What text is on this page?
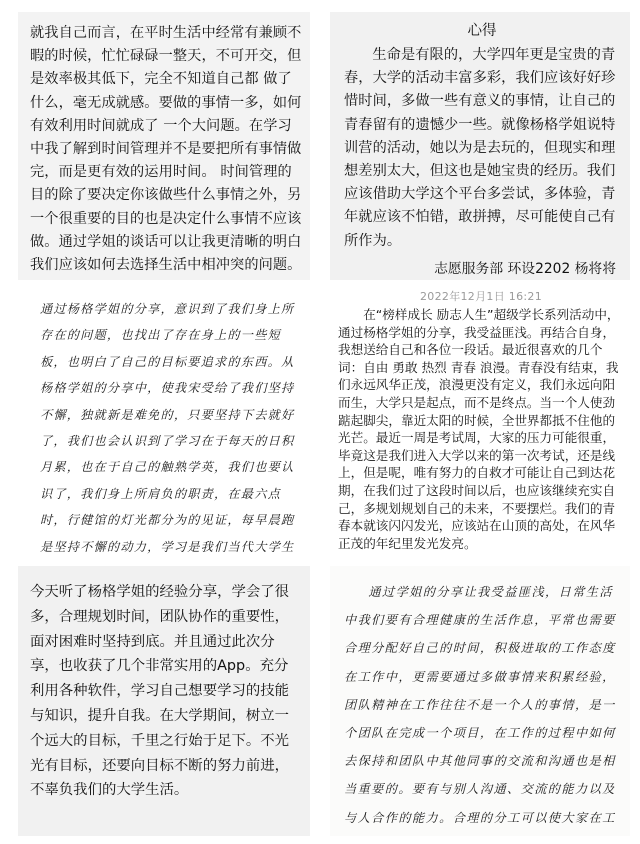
就我自己而言，在平时生活中经常有兼顾不暇的时候，忙忙碌碌一整天，不可开交，但是效率极其低下，完全不知道自己都 做了什么，毫无成就感。要做的事情一多，如何有效利用时间就成了 一个大问题。在学习中我了解到时间管理并不是要把所有事情做完，而是更有效的运用时间。 时间管理的目的除了要决定你该做些什么事情之外，另一个很重要的目的也是决定什么事情不应该做。通过学姐的谈话可以让我更清晰的明白我们应该如何去选择生活中相冲突的问题。

心得

生命是有限的，大学四年更是宝贵的青春，大学的活动丰富多彩，我们应该好好珍惜时间，多做一些有意义的事情，让自己的青春留有的遗憾少一些。就像杨格学姐说特训营的活动，她以为是去玩的，但现实和理想差别太大，但这也是她宝贵的经历。我们应该借助大学这个平台多尝试，多体验，青年就应该不怕错，敢拼搏，尽可能使自己有所作为。

志愿服务部 环设2202 杨将将

通过杨格学姐的分享，意识到了我们身上所存在的问题，也找出了存在身上的一些短板，也明白了自己的目标要追求的东西。从杨格学姐的分享中，使我宋受给了我们坚持不懈，独就新是难免的，只要坚持下去就好了，我们也会认识到了学习在于每天的日积月累，也在于自己的触熟学英，我们也要认识了，我们身上所肩负的职责，在最六点时，行健馆的灯光都分为的见证，每早晨跑是坚持不懈的动力，学习是我们当代大学生

2022年12月1日 16:21

在“榜样成长 励志人生”超级学长系列活动中，通过杨格学姐的分享，我受益匪浅。再结合自身，我想送给自己和各位一段话。最近很喜欢的几个词：自由 勇敢 热烈 青春 浪漫。青春没有结束，我们永远风华正茂，浪漫更没有定义，我们永远向阳而生，大学只是起点，而不是终点。当一个人使劲踮起脚尖，靠近太阳的时候，全世界都抵不住他的光芒。最近一周是考试周，大家的压力可能很重，毕竟这是我们进入大学以来的第一次考试，还是线上，但是呢，唯有努力的自救才可能让自己到达花期，在我们过了这段时间以后，也应该继续充实自己，多规划规划自己的未来，不要摆烂。我们的青春本就该闪闪发光，应该站在山顶的高处，在风华正茂的年纪里发光发亮。

今天听了杨格学姐的经验分享，学会了很多，合理规划时间，团队协作的重要性，面对困难时坚持到底。并且通过此次分享，也收获了几个非常实用的App。充分利用各种软件，学习自己想要学习的技能与知识，提升自我。在大学期间，树立一个远大的目标，千里之行始于足下。不光光有目标，还要向目标不断的努力前进，不辜负我们的大学生活。

通过学姐的分享让我受益匪浅，日常生活中我们要有合理健康的生活作息，平常也需要合理分配好自己的时间，积极进取的工作态度在工作中，更需要通过多做事情来积累经验，团队精神在工作往往不是一个人的事情，是一个团队在完成一个项目，在工作的过程中如何去保持和团队中其他同事的交流和沟通也是相当重要的。要有与别人沟通、交流的能力以及与人合作的能力。合理的分工可以使大家在工
